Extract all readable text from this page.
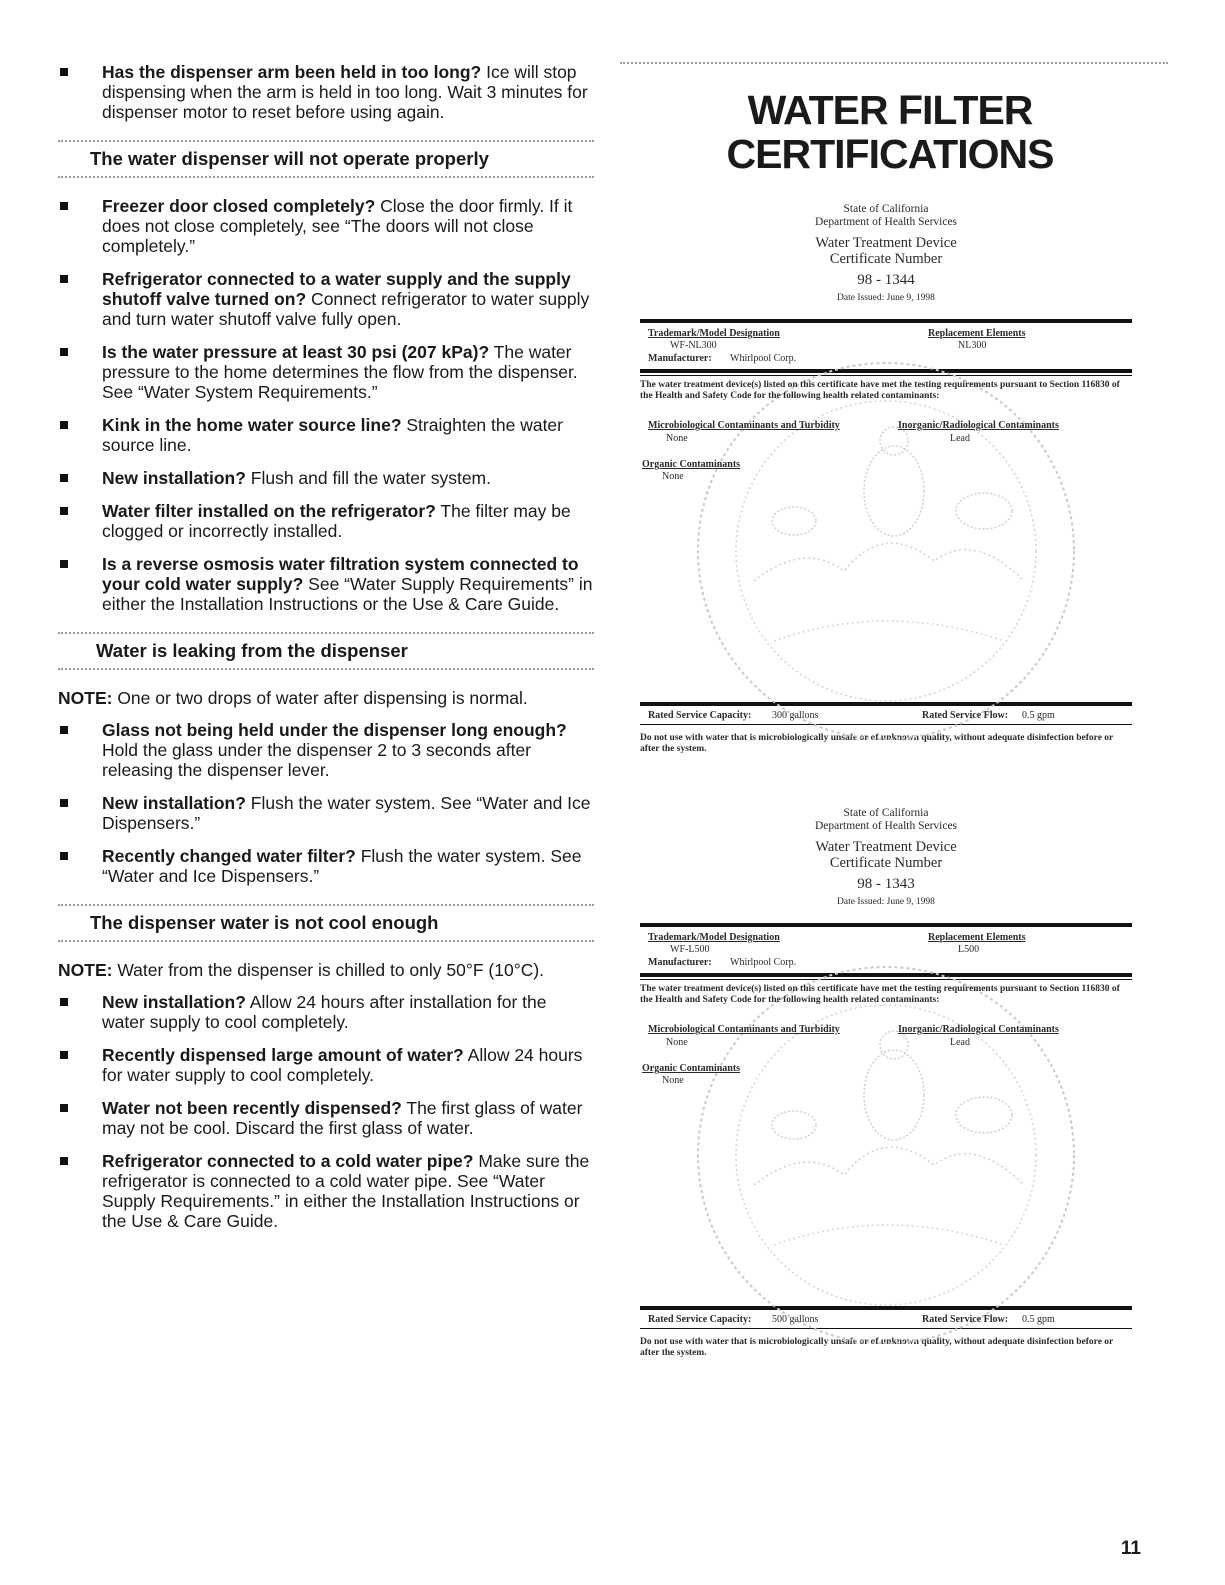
Has the dispenser arm been held in too long? Ice will stop dispensing when the arm is held in too long. Wait 3 minutes for dispenser motor to reset before using again.
The water dispenser will not operate properly
Freezer door closed completely? Close the door firmly. If it does not close completely, see “The doors will not close completely.”
Refrigerator connected to a water supply and the supply shutoff valve turned on? Connect refrigerator to water supply and turn water shutoff valve fully open.
Is the water pressure at least 30 psi (207 kPa)? The water pressure to the home determines the flow from the dispenser. See “Water System Requirements.”
Kink in the home water source line? Straighten the water source line.
New installation? Flush and fill the water system.
Water filter installed on the refrigerator? The filter may be clogged or incorrectly installed.
Is a reverse osmosis water filtration system connected to your cold water supply? See “Water Supply Requirements” in either the Installation Instructions or the Use & Care Guide.
Water is leaking from the dispenser
NOTE: One or two drops of water after dispensing is normal.
Glass not being held under the dispenser long enough? Hold the glass under the dispenser 2 to 3 seconds after releasing the dispenser lever.
New installation? Flush the water system. See “Water and Ice Dispensers.”
Recently changed water filter? Flush the water system. See “Water and Ice Dispensers.”
The dispenser water is not cool enough
NOTE: Water from the dispenser is chilled to only 50°F (10°C).
New installation? Allow 24 hours after installation for the water supply to cool completely.
Recently dispensed large amount of water? Allow 24 hours for water supply to cool completely.
Water not been recently dispensed? The first glass of water may not be cool. Discard the first glass of water.
Refrigerator connected to a cold water pipe? Make sure the refrigerator is connected to a cold water pipe. See “Water Supply Requirements.” in either the Installation Instructions or the Use & Care Guide.
WATER FILTER
CERTIFICATIONS
State of California
Department of Health Services
Water Treatment Device
Certificate Number
98 - 1344
Date Issued: June 9, 1998
Trademark/Model Designation	Replacement Elements
WF-NL300	NL300
Manufacturer: Whirlpool Corp.
The water treatment device(s) listed on this certificate have met the testing requirements pursuant to Section 116830 of the Health and Safety Code for the following health related contaminants:
Microbiological Contaminants and Turbidity	Inorganic/Radiological Contaminants
None	Lead
Organic Contaminants
None
Rated Service Capacity: 300 gallons	Rated Service Flow: 0.5 gpm
Do not use with water that is microbiologically unsafe or of unknown quality, without adequate disinfection before or after the system.
State of California
Department of Health Services
Water Treatment Device
Certificate Number
98 - 1343
Date Issued: June 9, 1998
Trademark/Model Designation	Replacement Elements
WF-L500	L500
Manufacturer: Whirlpool Corp.
The water treatment device(s) listed on this certificate have met the testing requirements pursuant to Section 116830 of the Health and Safety Code for the following health related contaminants:
Microbiological Contaminants and Turbidity	Inorganic/Radiological Contaminants
None	Lead
Organic Contaminants
None
Rated Service Capacity: 500 gallons	Rated Service Flow: 0.5 gpm
Do not use with water that is microbiologically unsafe or of unknown quality, without adequate disinfection before or after the system.
11
